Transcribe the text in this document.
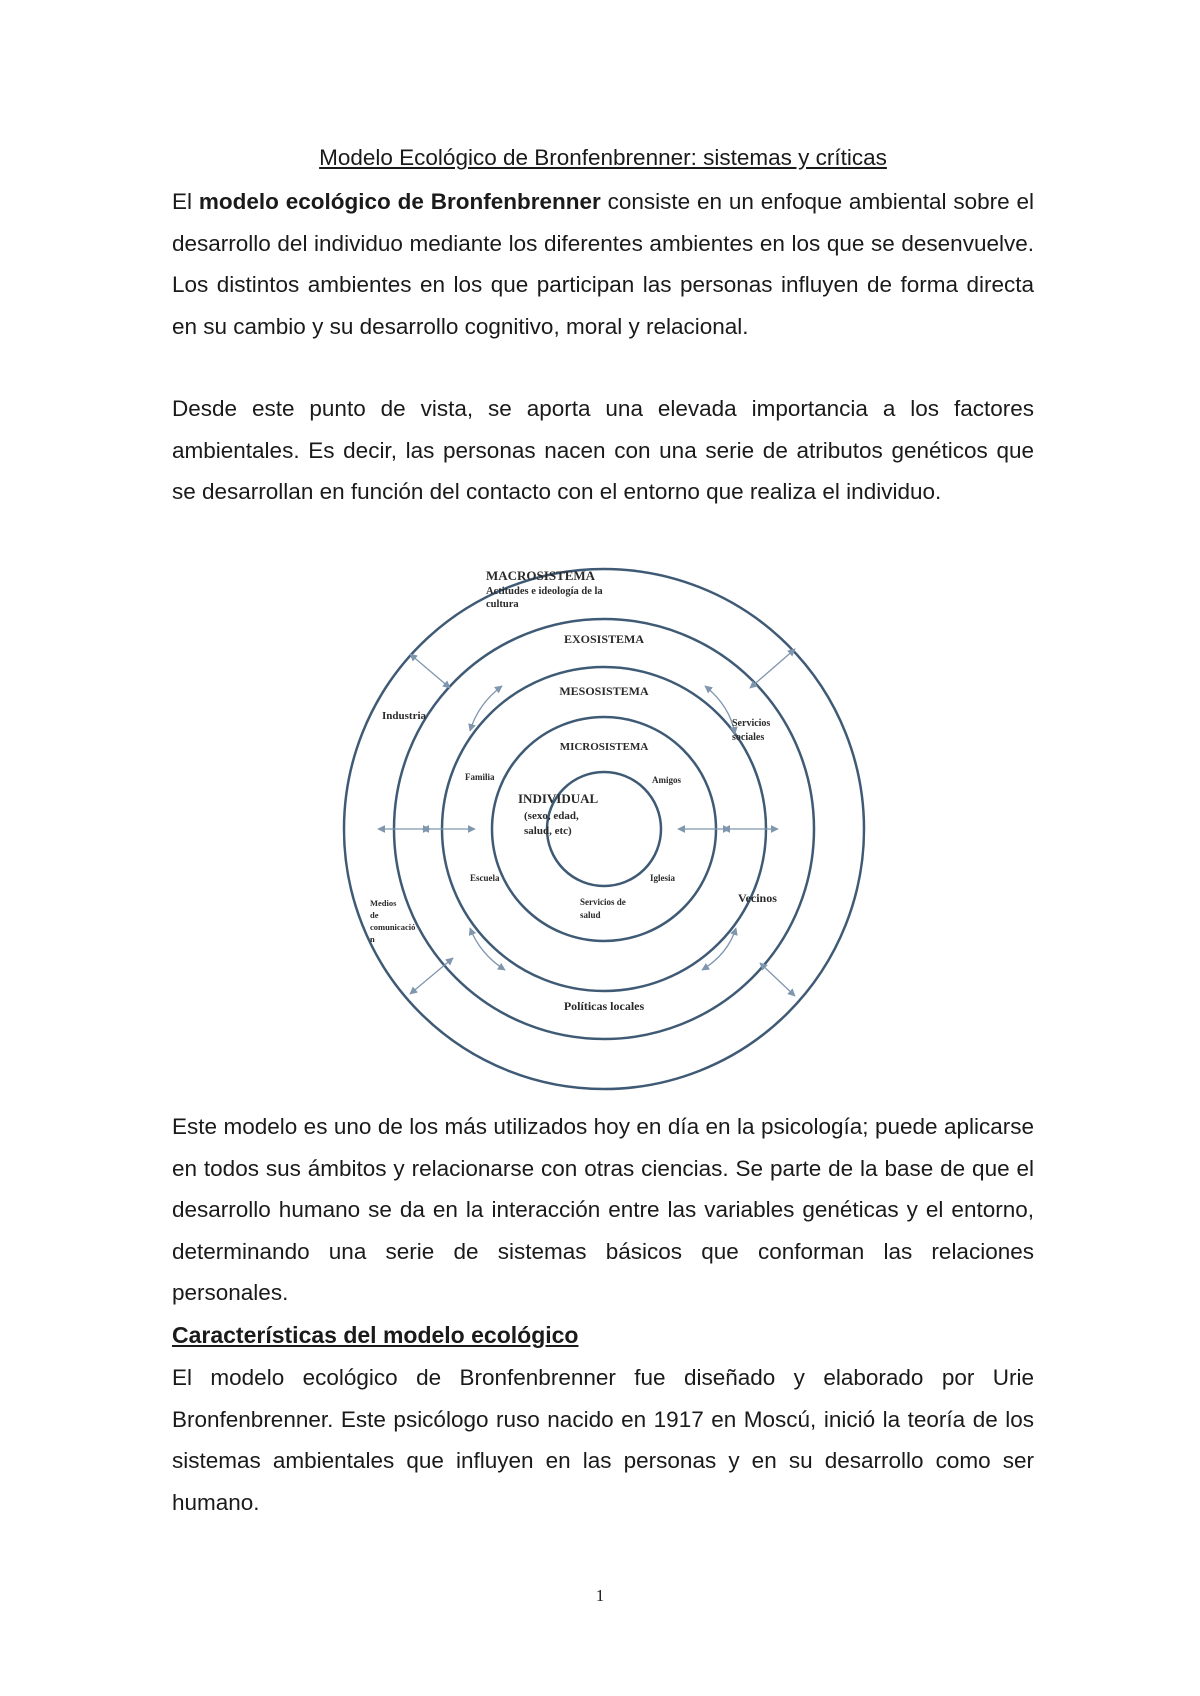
Modelo Ecológico de Bronfenbrenner: sistemas y críticas

El modelo ecológico de Bronfenbrenner consiste en un enfoque ambiental sobre el desarrollo del individuo mediante los diferentes ambientes en los que se desenvuelve. Los distintos ambientes en los que participan las personas influyen de forma directa en su cambio y su desarrollo cognitivo, moral y relacional.

Desde este punto de vista, se aporta una elevada importancia a los factores ambientales. Es decir, las personas nacen con una serie de atributos genéticos que se desarrollan en función del contacto con el entorno que realiza el individuo.

MACROSISTEMA
Actitudes e ideología de la
cultura
EXOSISTEMA
MESOSISTEMA
MICROSISTEMA
INDIVIDUAL
(sexo, edad,
salud, etc)
Industria
Servicios
sociales
Medios
de
comunicació
n
Vecinos
Políticas locales
Familia	Amigos
Escuela	Iglesia
Servicios de
salud

Este modelo es uno de los más utilizados hoy en día en la psicología; puede aplicarse en todos sus ámbitos y relacionarse con otras ciencias. Se parte de la base de que el desarrollo humano se da en la interacción entre las variables genéticas y el entorno, determinando una serie de sistemas básicos que conforman las relaciones personales.

Características del modelo ecológico

El modelo ecológico de Bronfenbrenner fue diseñado y elaborado por Urie Bronfenbrenner. Este psicólogo ruso nacido en 1917 en Moscú, inició la teoría de los sistemas ambientales que influyen en las personas y en su desarrollo como ser humano.

1
